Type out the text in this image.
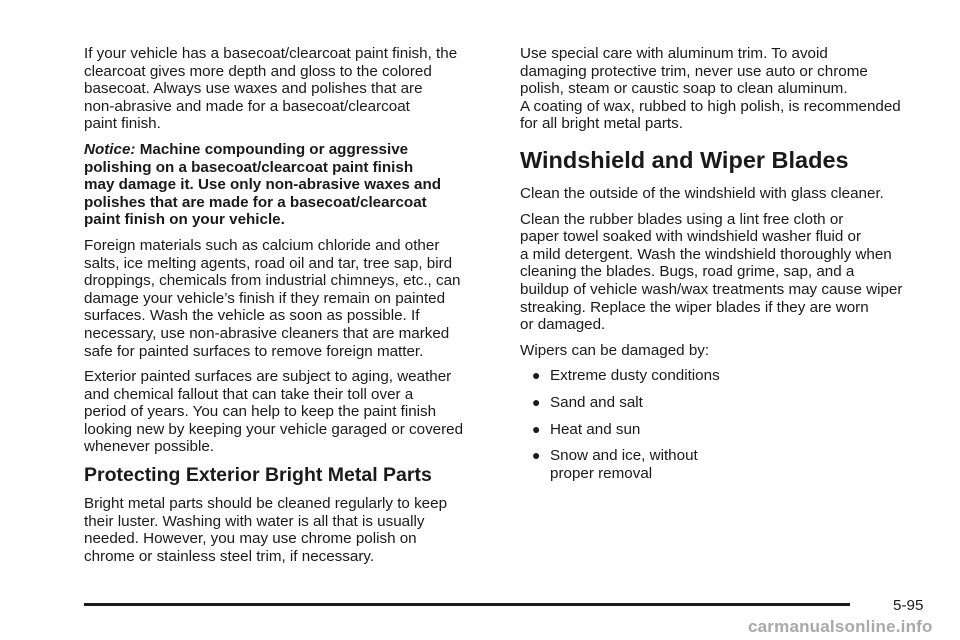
If your vehicle has a basecoat/clearcoat paint finish, the
clearcoat gives more depth and gloss to the colored
basecoat. Always use waxes and polishes that are
non-abrasive and made for a basecoat/clearcoat
paint finish.

Notice: Machine compounding or aggressive
polishing on a basecoat/clearcoat paint finish
may damage it. Use only non-abrasive waxes and
polishes that are made for a basecoat/clearcoat
paint finish on your vehicle.

Foreign materials such as calcium chloride and other
salts, ice melting agents, road oil and tar, tree sap, bird
droppings, chemicals from industrial chimneys, etc., can
damage your vehicle’s finish if they remain on painted
surfaces. Wash the vehicle as soon as possible. If
necessary, use non-abrasive cleaners that are marked
safe for painted surfaces to remove foreign matter.

Exterior painted surfaces are subject to aging, weather
and chemical fallout that can take their toll over a
period of years. You can help to keep the paint finish
looking new by keeping your vehicle garaged or covered
whenever possible.

Protecting Exterior Bright Metal Parts

Bright metal parts should be cleaned regularly to keep
their luster. Washing with water is all that is usually
needed. However, you may use chrome polish on
chrome or stainless steel trim, if necessary.

Use special care with aluminum trim. To avoid
damaging protective trim, never use auto or chrome
polish, steam or caustic soap to clean aluminum.
A coating of wax, rubbed to high polish, is recommended
for all bright metal parts.

Windshield and Wiper Blades

Clean the outside of the windshield with glass cleaner.

Clean the rubber blades using a lint free cloth or
paper towel soaked with windshield washer fluid or
a mild detergent. Wash the windshield thoroughly when
cleaning the blades. Bugs, road grime, sap, and a
buildup of vehicle wash/wax treatments may cause wiper
streaking. Replace the wiper blades if they are worn
or damaged.

Wipers can be damaged by:

● Extreme dusty conditions
● Sand and salt
● Heat and sun
● Snow and ice, without
proper removal
5-95
carmanualsonline.info
